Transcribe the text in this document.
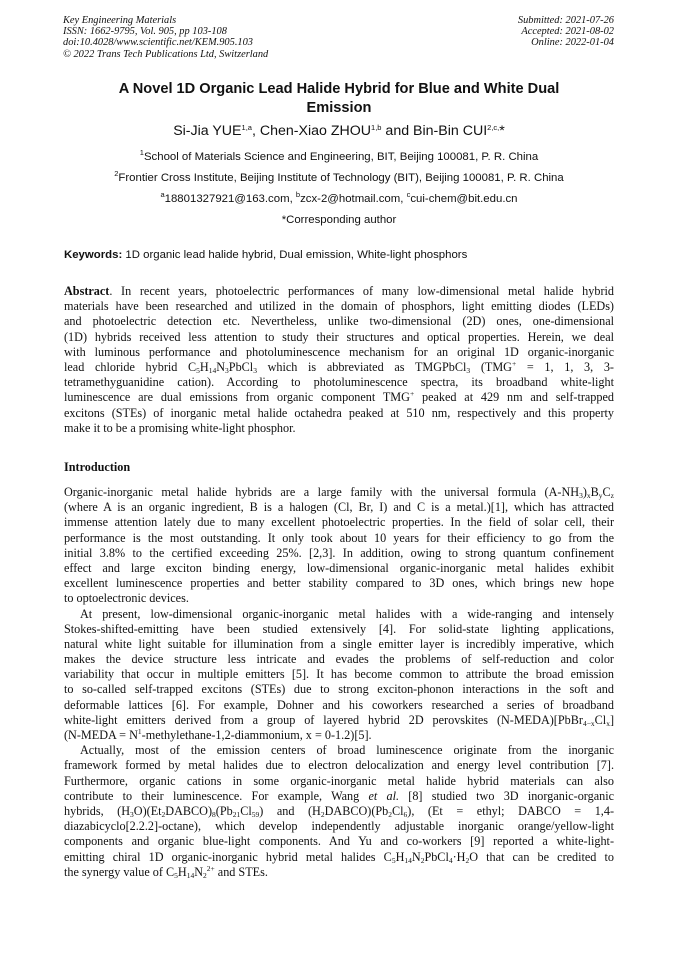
Key Engineering Materials
ISSN: 1662-9795, Vol. 905, pp 103-108
doi:10.4028/www.scientific.net/KEM.905.103
© 2022 Trans Tech Publications Ltd, Switzerland
Submitted: 2021-07-26
Accepted: 2021-08-02
Online: 2022-01-04
A Novel 1D Organic Lead Halide Hybrid for Blue and White Dual
Emission
Si-Jia YUE$^{1,a}$, Chen-Xiao ZHOU$^{1,b}$ and Bin-Bin $CUI^{2,c,}*$
$^1$School of Materials Science and Engineering, BIT, Beijing 100081, P. R. China
$^2$Frontier Cross Institute, Beijing Institute of Technology (BIT), Beijing 100081, P. R. China
$^a$18801327921@163.com, $^b$zcx-2@hotmail.com, $^c$cui-chem@bit.edu.cn
*Corresponding author
Keywords: 1D organic lead halide hybrid, Dual emission, White-light phosphors
Abstract. In recent years, photoelectric performances of many low-dimensional metal halide hybrid
materials have been researched and utilized in the domain of phosphors, light emitting diodes (LEDs)
and photoelectric detection etc. Nevertheless, unlike two-dimensional (2D) ones, one-dimensional
(1D) hybrids received less attention to study their structures and optical properties. Herein, we deal
with luminous performance and photoluminescence mechanism for an original 1D organic-inorganic
lead chloride hybrid $C_5H_{14}N_3PbCl_3$ which is abbreviated as TMGPbCl$_3$ (TMG+ = 1, 1, 3, 3-
tetramethyguanidine cation). According to photoluminescence spectra, its broadband white-light
luminescence are dual emissions from organic component TMG+ peaked at 429 nm and self-trapped
excitons (STEs) of inorganic metal halide octahedra peaked at 510 nm, respectively and this property
make it to be a promising white-light phosphor.
Introduction
Organic-inorganic metal halide hybrids are a large family with the universal formula $(A-NH_3)_xB_yC_z$
(where A is an organic ingredient, B is a halogen (Cl, Br, I) and C is a metal.)[1], which has attracted
immense attention lately due to many excellent photoelectric properties. In the field of solar cell, their
performance is the most outstanding. It only took about 10 years for their efficiency to go from the
initial 3.8% to the certified exceeding 25%. [2,3]. In addition, owing to strong quantum confinement
effect and large exciton binding energy, low-dimensional organic-inorganic metal halides exhibit
excellent luminescence properties and better stability compared to 3D ones, which brings new hope
to optoelectronic devices.
At present, low-dimensional organic-inorganic metal halides with a wide-ranging and intensely
Stokes-shifted-emitting have been studied extensively [4]. For solid-state lighting applications,
natural white light suitable for illumination from a single emitter layer is incredibly imperative, which
makes the device structure less intricate and evades the problems of self-reduction and color
variability that occur in multiple emitters [5]. It has become common to attribute the broad emission
to so-called self-trapped excitons (STEs) due to strong exciton-phonon interactions in the soft and
deformable lattices [6]. For example, Dohner and his coworkers researched a series of broadband
white-light emitters derived from a group of layered hybrid 2D perovskites $(N-MEDA)[PbBr_{4-x}Cl_x]$
(N-MEDA = $N^1-methylethane-1,2$-diammonium, x = 0-1.2)[5].
Actually, most of the emission centers of broad luminescence originate from the inorganic
framework formed by metal halides due to electron delocalization and energy level contribution [7].
Furthermore, organic cations in some organic-inorganic metal halide hybrid materials can also
contribute to their luminescence. For example, Wang et al. [8] studied two 3D inorganic-organic
hybrids, $(H_3O)(Et_2DABCO)_8(Pb_{21}Cl_{59})$ and $(H_2DABCO)(Pb_2Cl_6)$, (Et = ethyl; DABCO = 1,4-
diazabicyclo[2.2.2]-octane), which develop independently adjustable inorganic orange/yellow-light
components and organic blue-light components. And Yu and co-workers [9] reported a white-light-
emitting chiral 1D organic-inorganic hybrid metal halides $C_5H_{14}N_2PbCl_4\cdot H_2O$ that can be credited to
the synergy value of $C_5H_{14}N_2^{2+}$ and STEs.
